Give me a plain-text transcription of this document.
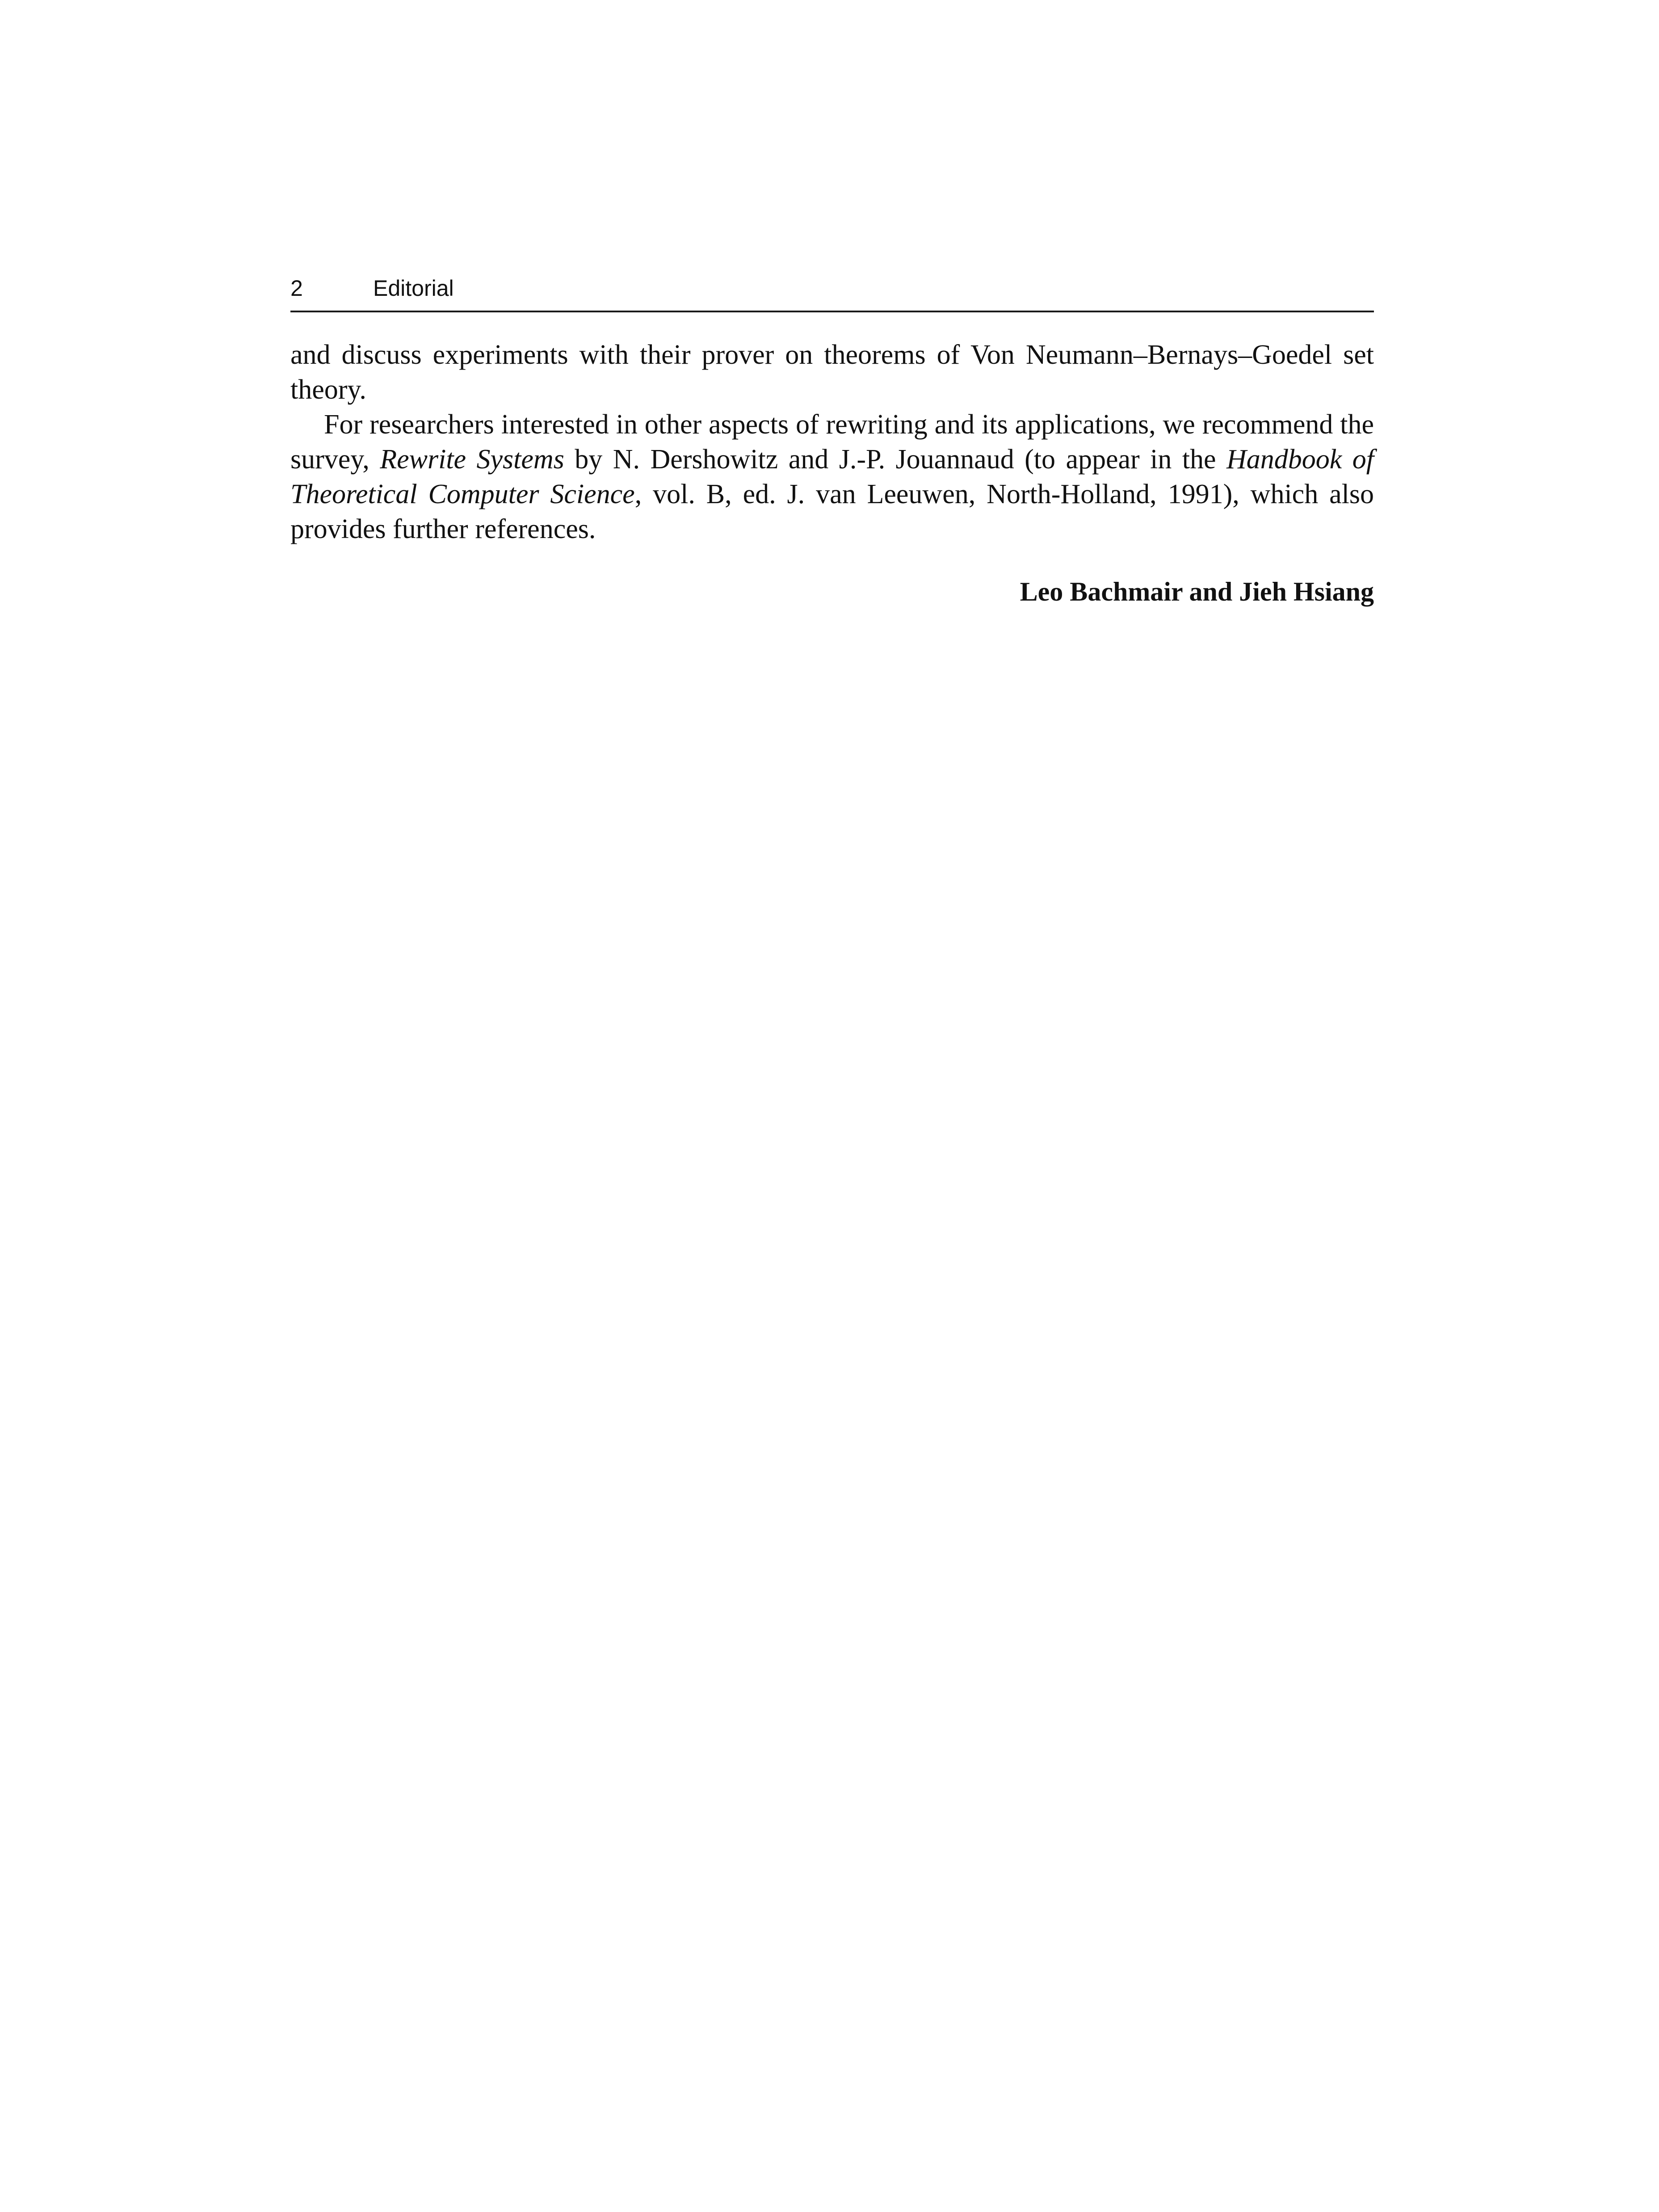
2	Editorial

and discuss experiments with their prover on theorems of Von Neumann–Bernays–Goedel set theory.

For researchers interested in other aspects of rewriting and its applications, we recommend the survey, Rewrite Systems by N. Dershowitz and J.-P. Jouannaud (to appear in the Handbook of Theoretical Computer Science, vol. B, ed. J. van Leeuwen, North-Holland, 1991), which also provides further references.

Leo Bachmair and Jieh Hsiang
